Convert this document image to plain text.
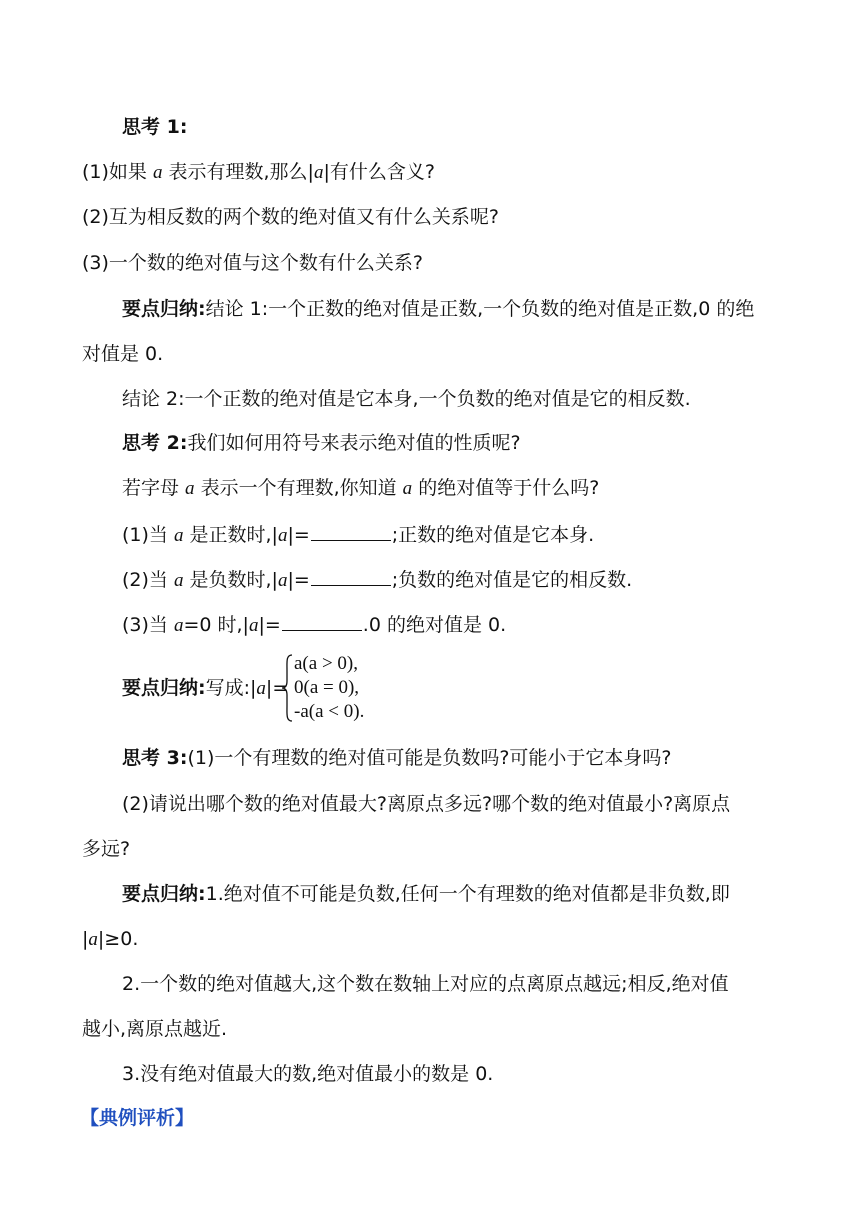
思考 1:
(1)如果 a 表示有理数,那么|a|有什么含义?
(2)互为相反数的两个数的绝对值又有什么关系呢?
(3)一个数的绝对值与这个数有什么关系?
要点归纳:结论 1:一个正数的绝对值是正数,一个负数的绝对值是正数,0 的绝
对值是 0.
结论 2:一个正数的绝对值是它本身,一个负数的绝对值是它的相反数.
思考 2:我们如何用符号来表示绝对值的性质呢?
若字母 a 表示一个有理数,你知道 a 的绝对值等于什么吗?
(1)当 a 是正数时,|a|=	;正数的绝对值是它本身.
(2)当 a 是负数时,|a|=	;负数的绝对值是它的相反数.
(3)当 a=0 时,|a|=	.0 的绝对值是 0.
要点归纳:写成:|a|=
a(a > 0),
0(a = 0),
-a(a < 0).
思考 3:(1)一个有理数的绝对值可能是负数吗?可能小于它本身吗?
(2)请说出哪个数的绝对值最大?离原点多远?哪个数的绝对值最小?离原点
多远?
要点归纳:1.绝对值不可能是负数,任何一个有理数的绝对值都是非负数,即
|a|≥0.
2.一个数的绝对值越大,这个数在数轴上对应的点离原点越远;相反,绝对值
越小,离原点越近.
3.没有绝对值最大的数,绝对值最小的数是 0.
【典例评析】
